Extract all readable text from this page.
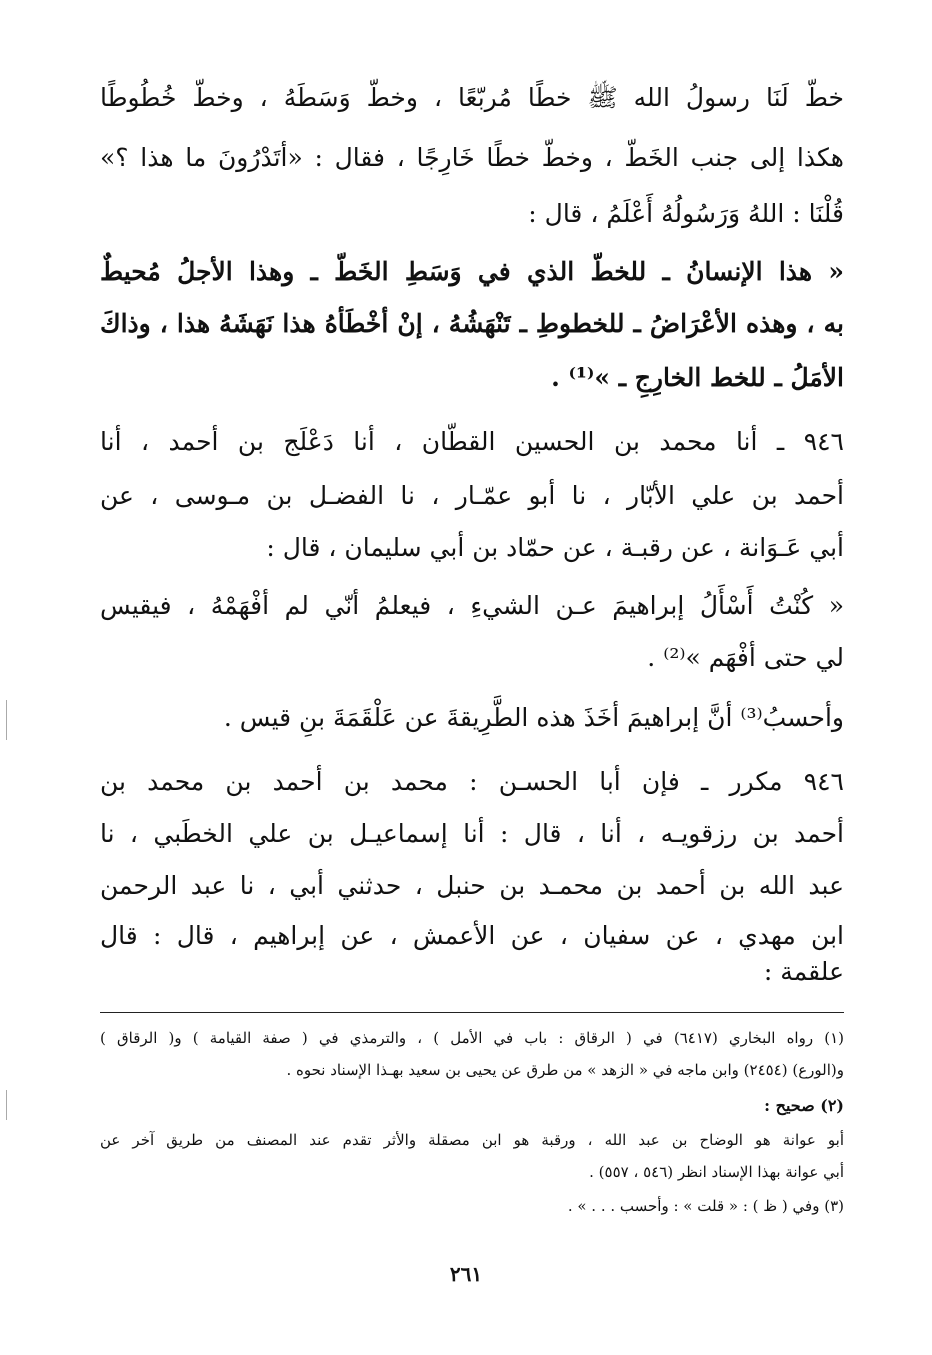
خطّ لَنَا رسولُ الله ﷺ خطًا مُربّعًا ، وخطّ وَسَطَهُ ، وخطّ خُطُوطًا
هكذا إلى جنب الخَطّ ، وخطّ خطًا خَارِجًا ، فقال : «أتَدْرُونَ ما هذا ؟»
قُلْنَا : اللهُ وَرَسُولُهُ أَعْلَمُ ، قال :
« هذا الإنسانُ ـ للخطّ الذي في وَسَطِ الخَطّ ـ وهذا الأجلُ مُحيطٌ
به ، وهذه الأعْرَاضُ ـ للخطوطِ ـ تَنْهَشُهُ ، إنْ أخْطَأهُ هذا نَهَشَهُ هذا ، وذاكَ
الأمَلُ ـ للخط الخارِجِ ـ »⁽¹⁾ .
٩٤٦ ـ أنا محمد بن الحسين القطّان ، أنا دَعْلَج بن أحمد ، أنا
أحمد بن علي الأبّار ، نا أبو عمّـار ، نا الفضـل بن مـوسى ، عن
أبي عَـوَانة ، عن رقبـة ، عن حمّاد بن أبي سليمان ، قال :
« كُنْتُ أَسْأَلُ إبراهيمَ عـن الشيءِ ، فيعلمُ أنّي لم أفْهَمْهُ ، فيقيس
لي حتى أفْهَم »⁽²⁾ .
وأحسبُ⁽³⁾ أنَّ إبراهيمَ أخَذَ هذه الطَّرِيقةَ عن عَلْقَمَةَ بنِ قيس .
٩٤٦ مكرر ـ فإن أبا الحسـن : محمد بن أحمد بن محمد بن
أحمد بن رزقويـه ، أنا ، قال : أنا إسماعيـل بن علي الخطَبي ، نا
عبد الله بن أحمد بن محمـد بن حنبل ، حدثني أبي ، نا عبد الرحمن
ابن مهدي ، عن سفيان ، عن الأعمش ، عن إبراهيم ، قال : قال
علقمة :
(١) رواه البخاري (٦٤١٧) في ( الرقاق : باب في الأمل ) ، والترمذي في ( صفة القيامة ) و( الرقاق )
و(الورع) (٢٤٥٤) وابن ماجه في « الزهد » من طرق عن يحيى بن سعيد بهـذا الإسناد نحوه .
(٢) صحيح :
أبو عوانة هو الوضاح بن عبد الله ، ورقبة هو ابن مصقلة والأثر تقدم عند المصنف من طريق آخر عن
أبي عوانة بهذا الإسناد انظر (٥٤٦ ، ٥٥٧) .
(٣) وفي ( ظ ) : « قلت » : وأحسب . . . » .
٢٦١
